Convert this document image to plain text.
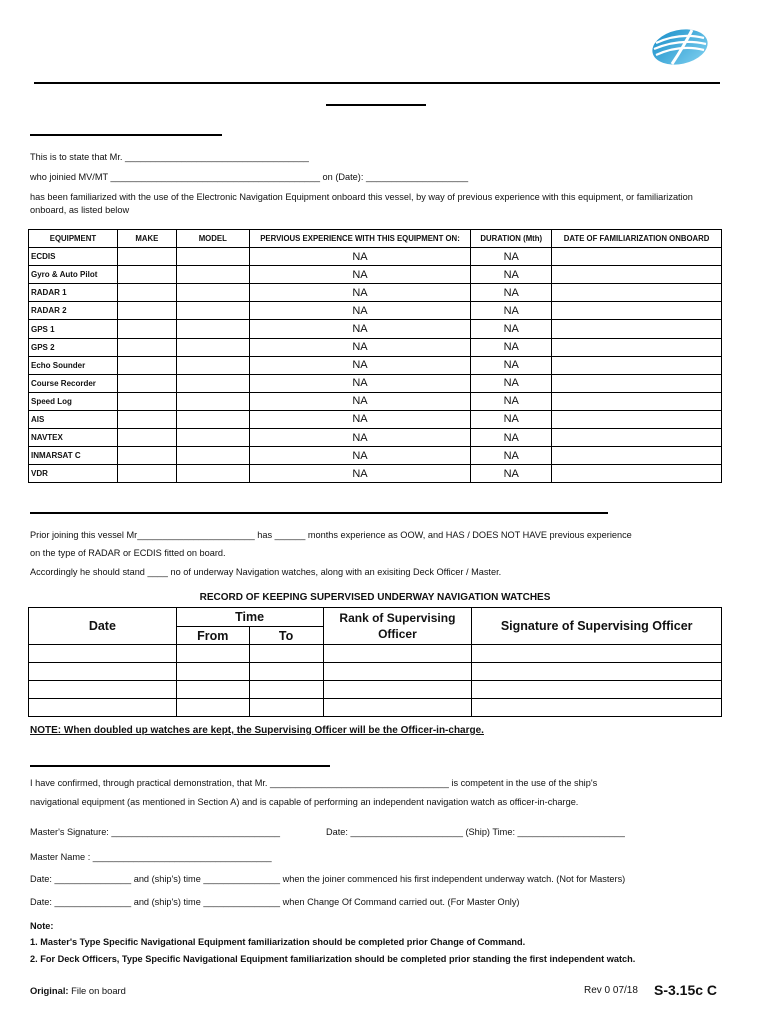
This is to state that Mr. ____________________________________
who joinied MV/MT _________________________________________ on (Date): ____________________
has been familiarized with the use of the Electronic Navigation Equipment onboard this vessel, by way of previous experience with this equipment, or familiarization onboard, as listed below
EQUIPMENT	MAKE	MODEL	PERVIOUS EXPERIENCE WITH THIS EQUIPMENT ON:	DURATION (Mth)	DATE OF FAMILIARIZATION ONBOARD
ECDIS			NA	NA	
Gyro & Auto Pilot			NA	NA	
RADAR 1			NA	NA	
RADAR 2			NA	NA	
GPS 1			NA	NA	
GPS 2			NA	NA	
Echo Sounder			NA	NA	
Course Recorder			NA	NA	
Speed Log			NA	NA	
AIS			NA	NA	
NAVTEX			NA	NA	
INMARSAT C			NA	NA	
VDR			NA	NA	
Prior joining this vessel Mr_______________________ has ______ months experience as OOW, and HAS / DOES NOT HAVE previous experience
on the type of RADAR or ECDIS fitted on board.
Accordingly he should stand ____ no of underway Navigation watches, along with an exisiting Deck Officer / Master.
RECORD OF KEEPING SUPERVISED UNDERWAY NAVIGATION WATCHES
Date	Time		Rank of Supervising Officer	Signature of Supervising Officer
	From	To		

NOTE: When doubled up watches are kept, the Supervising Officer will be the Officer-in-charge.
I have confirmed, through practical demonstration, that Mr. ___________________________________ is competent in the use of the ship's
navigational equipment (as mentioned in Section A) and is capable of performing an independent navigation watch as officer-in-charge.
Master's Signature: _________________________________	Date: ______________________ (Ship) Time: _____________________
Master Name : ___________________________________
Date: _______________ and (ship's) time _______________ when the joiner commenced his first independent underway watch. (Not for Masters)
Date: _______________ and (ship's) time _______________ when Change Of Command carried out. (For Master Only)
Note:
1. Master's Type Specific Navigational Equipment familiarization should be completed prior Change of Command.
2. For Deck Officers, Type Specific Navigational Equipment familiarization should be completed prior standing the first independent watch.
Original: File on board	Rev 0 07/18 S-3.15c C
